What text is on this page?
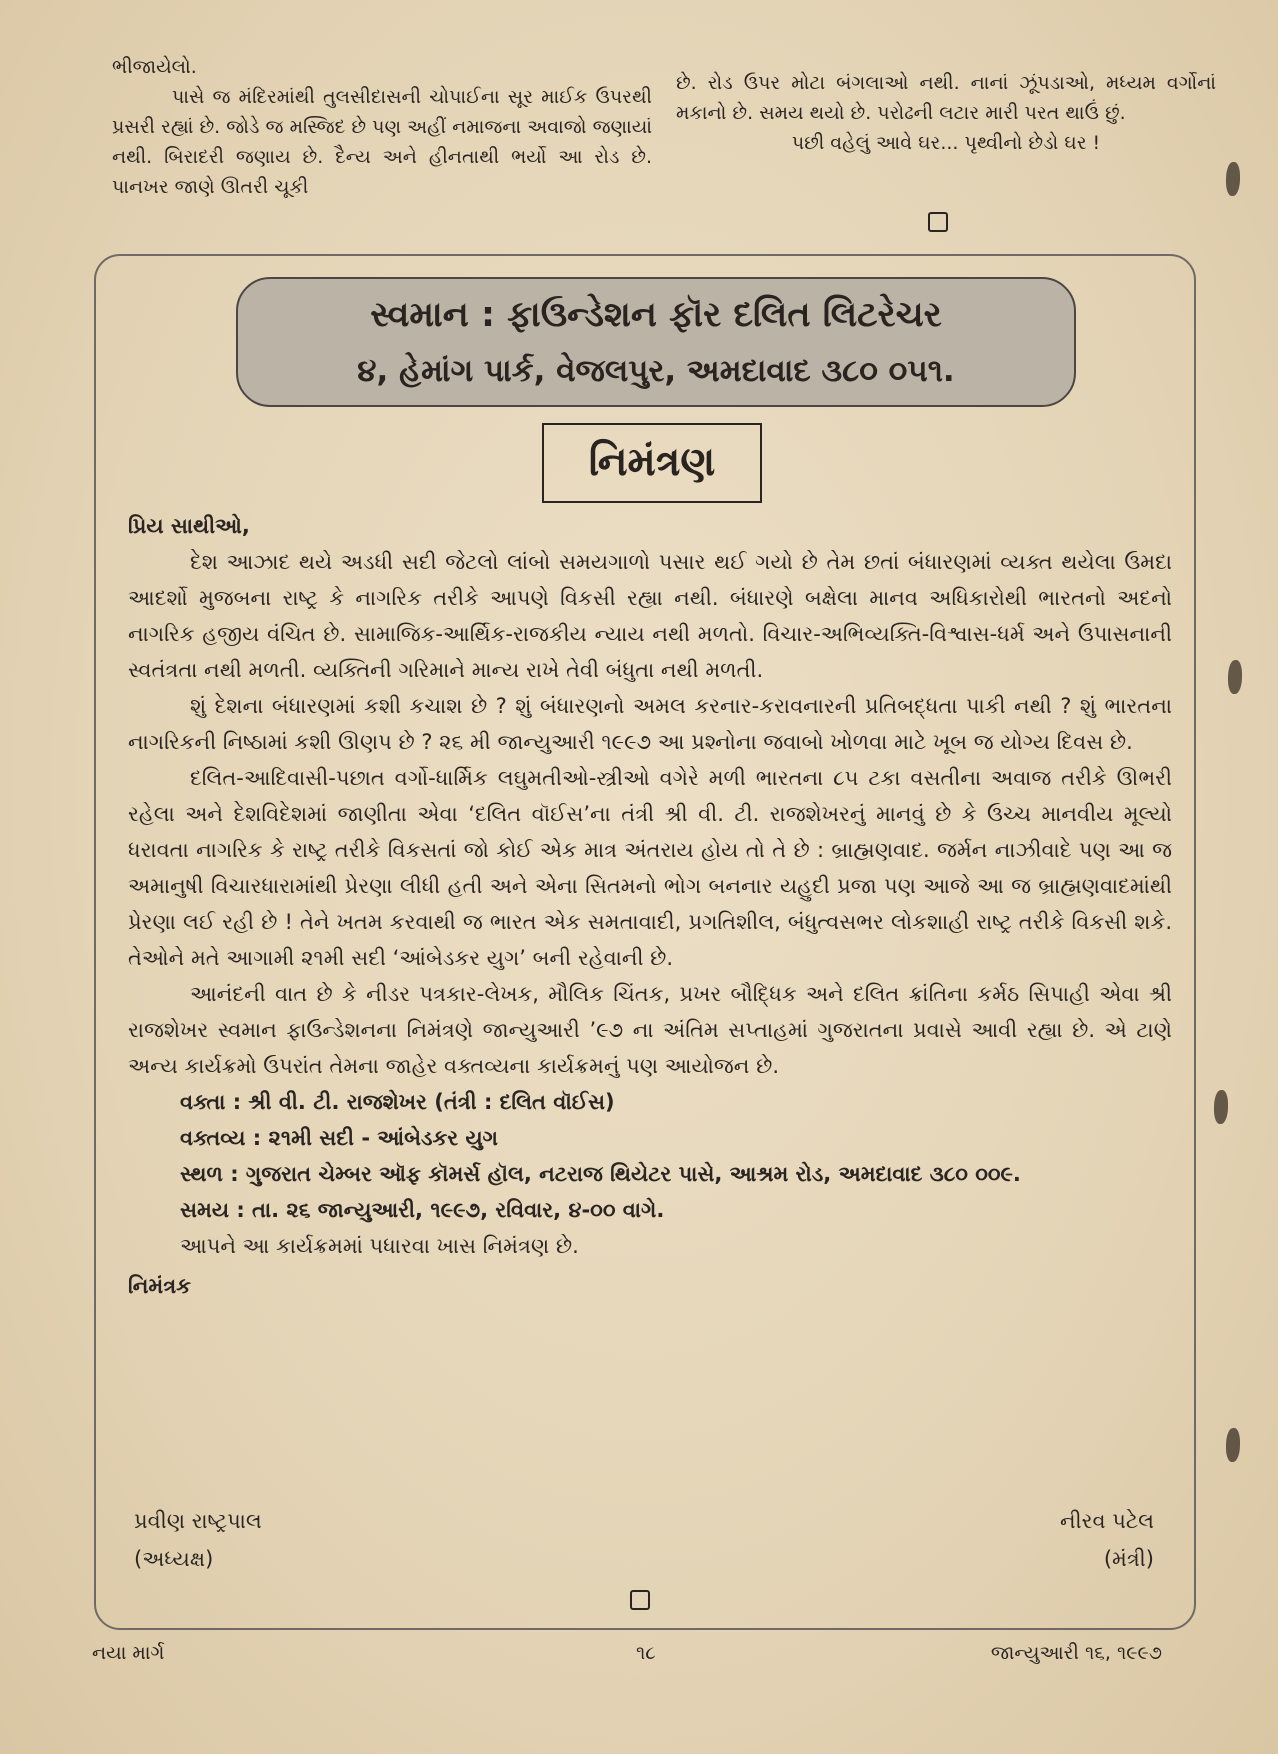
ભીજાયેલો.

પાસે જ મંદિરમાંથી તુલસીદાસની ચોપાઈના સૂર માઈક ઉપરથી પ્રસરી રહ્યાં છે. જોડે જ મસ્જિદ છે પણ અહીં નમાજના અવાજો જણાયાં નથી. બિરાદરી જણાય છે. દૈન્ય અને હીનતાથી ભર્યો આ રોડ છે. પાનખર જાણે ઊતરી ચૂકી

છે. રોડ ઉપર મોટા બંગલાઓ નથી. નાનાં ઝૂંપડાઓ, મધ્યમ વર્ગોનાં મકાનો છે. સમય થયો છે. પરોઢની લટાર મારી પરત થાઉં છું.

પછી વહેલું આવે ઘર... પૃથ્વીનો છેડો ઘર !

સ્વમાન : ફાઉન્ડેશન ફૉર દલિત લિટરેચર
૪, હેમાંગ પાર્ક, વેજલપુર, અમદાવાદ ૩૮૦ ૦૫૧.
નિમંત્રણ

પ્રિય સાથીઓ,

દેશ આઝાદ થયે અડધી સદી જેટલો લાંબો સમયગાળો પસાર થઈ ગયો છે તેમ છતાં બંધારણમાં વ્યક્ત થયેલા ઉમદા આદર્શો મુજબના રાષ્ટ્ર કે નાગરિક તરીકે આપણે વિકસી રહ્યા નથી. બંધારણે બક્ષેલા માનવ અધિકારોથી ભારતનો અદનો નાગરિક હજીય વંચિત છે. સામાજિક-આર્થિક-રાજકીય ન્યાય નથી મળતો. વિચાર-અભિવ્યક્તિ-વિશ્વાસ-ધર્મ અને ઉપાસનાની સ્વતંત્રતા નથી મળતી. વ્યક્તિની ગરિમાને માન્ય રાખે તેવી બંધુતા નથી મળતી.

શું દેશના બંધારણમાં કશી કચાશ છે ? શું બંધારણનો અમલ કરનાર-કરાવનારની પ્રતિબદ્ધતા પાકી નથી ? શું ભારતના નાગરિકની નિષ્ઠામાં કશી ઊણપ છે ? ૨૬ મી જાન્યુઆરી ૧૯૯૭ આ પ્રશ્નોના જવાબો ખોળવા માટે ખૂબ જ યોગ્ય દિવસ છે.

દલિત-આદિવાસી-પછાત વર્ગો-ધાર્મિક લઘુમતીઓ-સ્ત્રીઓ વગેરે મળી ભારતના ૮૫ ટકા વસતીના અવાજ તરીકે ઊભરી રહેલા અને દેશવિદેશમાં જાણીતા એવા ‘દલિત વૉઈસ’ના તંત્રી શ્રી વી. ટી. રાજશેખરનું માનવું છે કે ઉચ્ચ માનવીય મૂલ્યો ધરાવતા નાગરિક કે રાષ્ટ્ર તરીકે વિકસતાં જો કોઈ એક માત્ર અંતરાય હોય તો તે છે : બ્રાહ્મણવાદ. જર્મન નાઝીવાદે પણ આ જ અમાનુષી વિચારધારામાંથી પ્રેરણા લીધી હતી અને એના સિતમનો ભોગ બનનાર યહુદી પ્રજા પણ આજે આ જ બ્રાહ્મણવાદમાંથી પ્રેરણા લઈ રહી છે ! તેને ખતમ કરવાથી જ ભારત એક સમતાવાદી, પ્રગતિશીલ, બંધુત્વસભર લોકશાહી રાષ્ટ્ર તરીકે વિકસી શકે. તેઓને મતે આગામી ૨૧મી સદી ‘આંબેડકર યુગ’ બની રહેવાની છે.

આનંદની વાત છે કે નીડર પત્રકાર-લેખક, મૌલિક ચિંતક, પ્રખર બૌદ્ધિક અને દલિત ક્રાંતિના કર્મઠ સિપાહી એવા શ્રી રાજશેખર સ્વમાન ફાઉન્ડેશનના નિમંત્રણે જાન્યુઆરી ’૯૭ ના અંતિમ સપ્તાહમાં ગુજરાતના પ્રવાસે આવી રહ્યા છે. એ ટાણે અન્ય કાર્યક્રમો ઉપરાંત તેમના જાહેર વક્તવ્યના કાર્યક્રમનું પણ આયોજન છે.

વક્તા : શ્રી વી. ટી. રાજશેખર (તંત્રી : દલિત વૉઈસ)

વક્તવ્ય : ૨૧મી સદી - આંબેડકર યુગ

સ્થળ : ગુજરાત ચેમ્બર ઑફ કૉમર્સ હૉલ, નટરાજ થિયેટર પાસે, આશ્રમ રોડ, અમદાવાદ ૩૮૦ ૦૦૯.

સમય : તા. ૨૬ જાન્યુઆરી, ૧૯૯૭, રવિવાર, ૪-૦૦ વાગે.

આપને આ કાર્યક્રમમાં પધારવા ખાસ નિમંત્રણ છે.

નિમંત્રક

પ્રવીણ રાષ્ટ્રપાલ
(અધ્યક્ષ)
નીરવ પટેલ
(મંત્રી)
નયા માર્ગ	૧૮	જાન્યુઆરી ૧૬, ૧૯૯૭
